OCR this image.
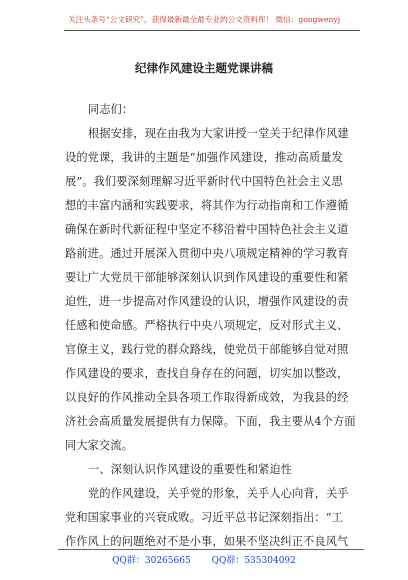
关注头条号“公文研究”，获得最新最全最专业的公文资料库！ 微信：gongwenyj
纪律作风建设主题党课讲稿
同志们：
根据安排，现在由我为大家讲授一堂关于纪律作风建
设的党课，我讲的主题是“加强作风建设，推动高质量发
展”。我们要深刻理解习近平新时代中国特色社会主义思
想的丰富内涵和实践要求，将其作为行动指南和工作遵循
确保在新时代新征程中坚定不移沿着中国特色社会主义道
路前进。通过开展深入贯彻中央八项规定精神的学习教育
要让广大党员干部能够深刻认识到作风建设的重要性和紧
迫性，进一步提高对作风建设的认识，增强作风建设的责
任感和使命感。严格执行中央八项规定，反对形式主义、
官僚主义，践行党的群众路线，使党员干部能够自觉对照
作风建设的要求，查找自身存在的问题，切实加以整改，
以良好的作风推动全县各项工作取得新成效，为我县的经
济社会高质量发展提供有力保障。下面，我主要从4个方面
同大家交流。
一、深刻认识作风建设的重要性和紧迫性
党的作风建设，关乎党的形象，关乎人心向背，关乎
党和国家事业的兴衰成败。习近平总书记深刻指出：“工
作作风上的问题绝对不是小事，如果不坚决纠正不良风气
QQ群：30265665 QQ群：535304092
